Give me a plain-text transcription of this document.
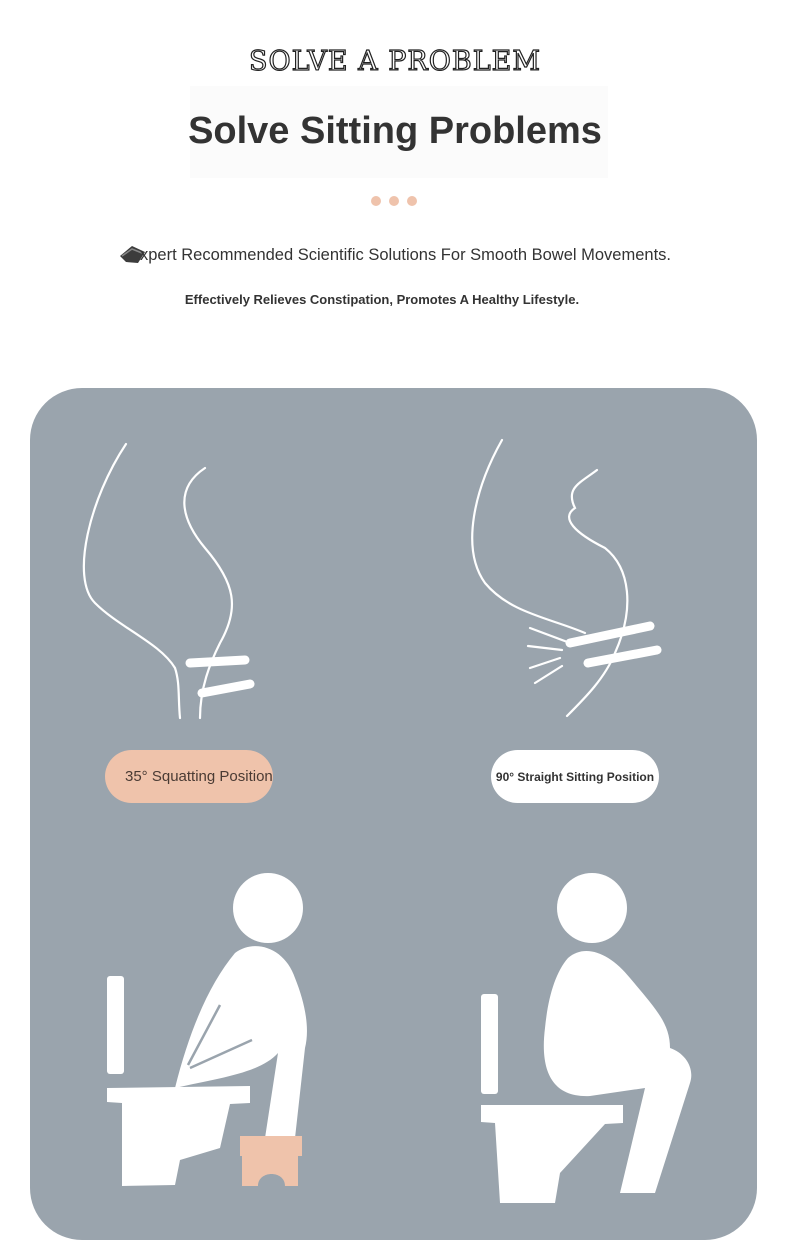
SOLVE A PROBLEM
Solve Sitting Problems
xpert Recommended Scientific Solutions For Smooth Bowel Movements.
Effectively Relieves Constipation, Promotes A Healthy Lifestyle.
35° Squatting Position	90° Straight Sitting Position
